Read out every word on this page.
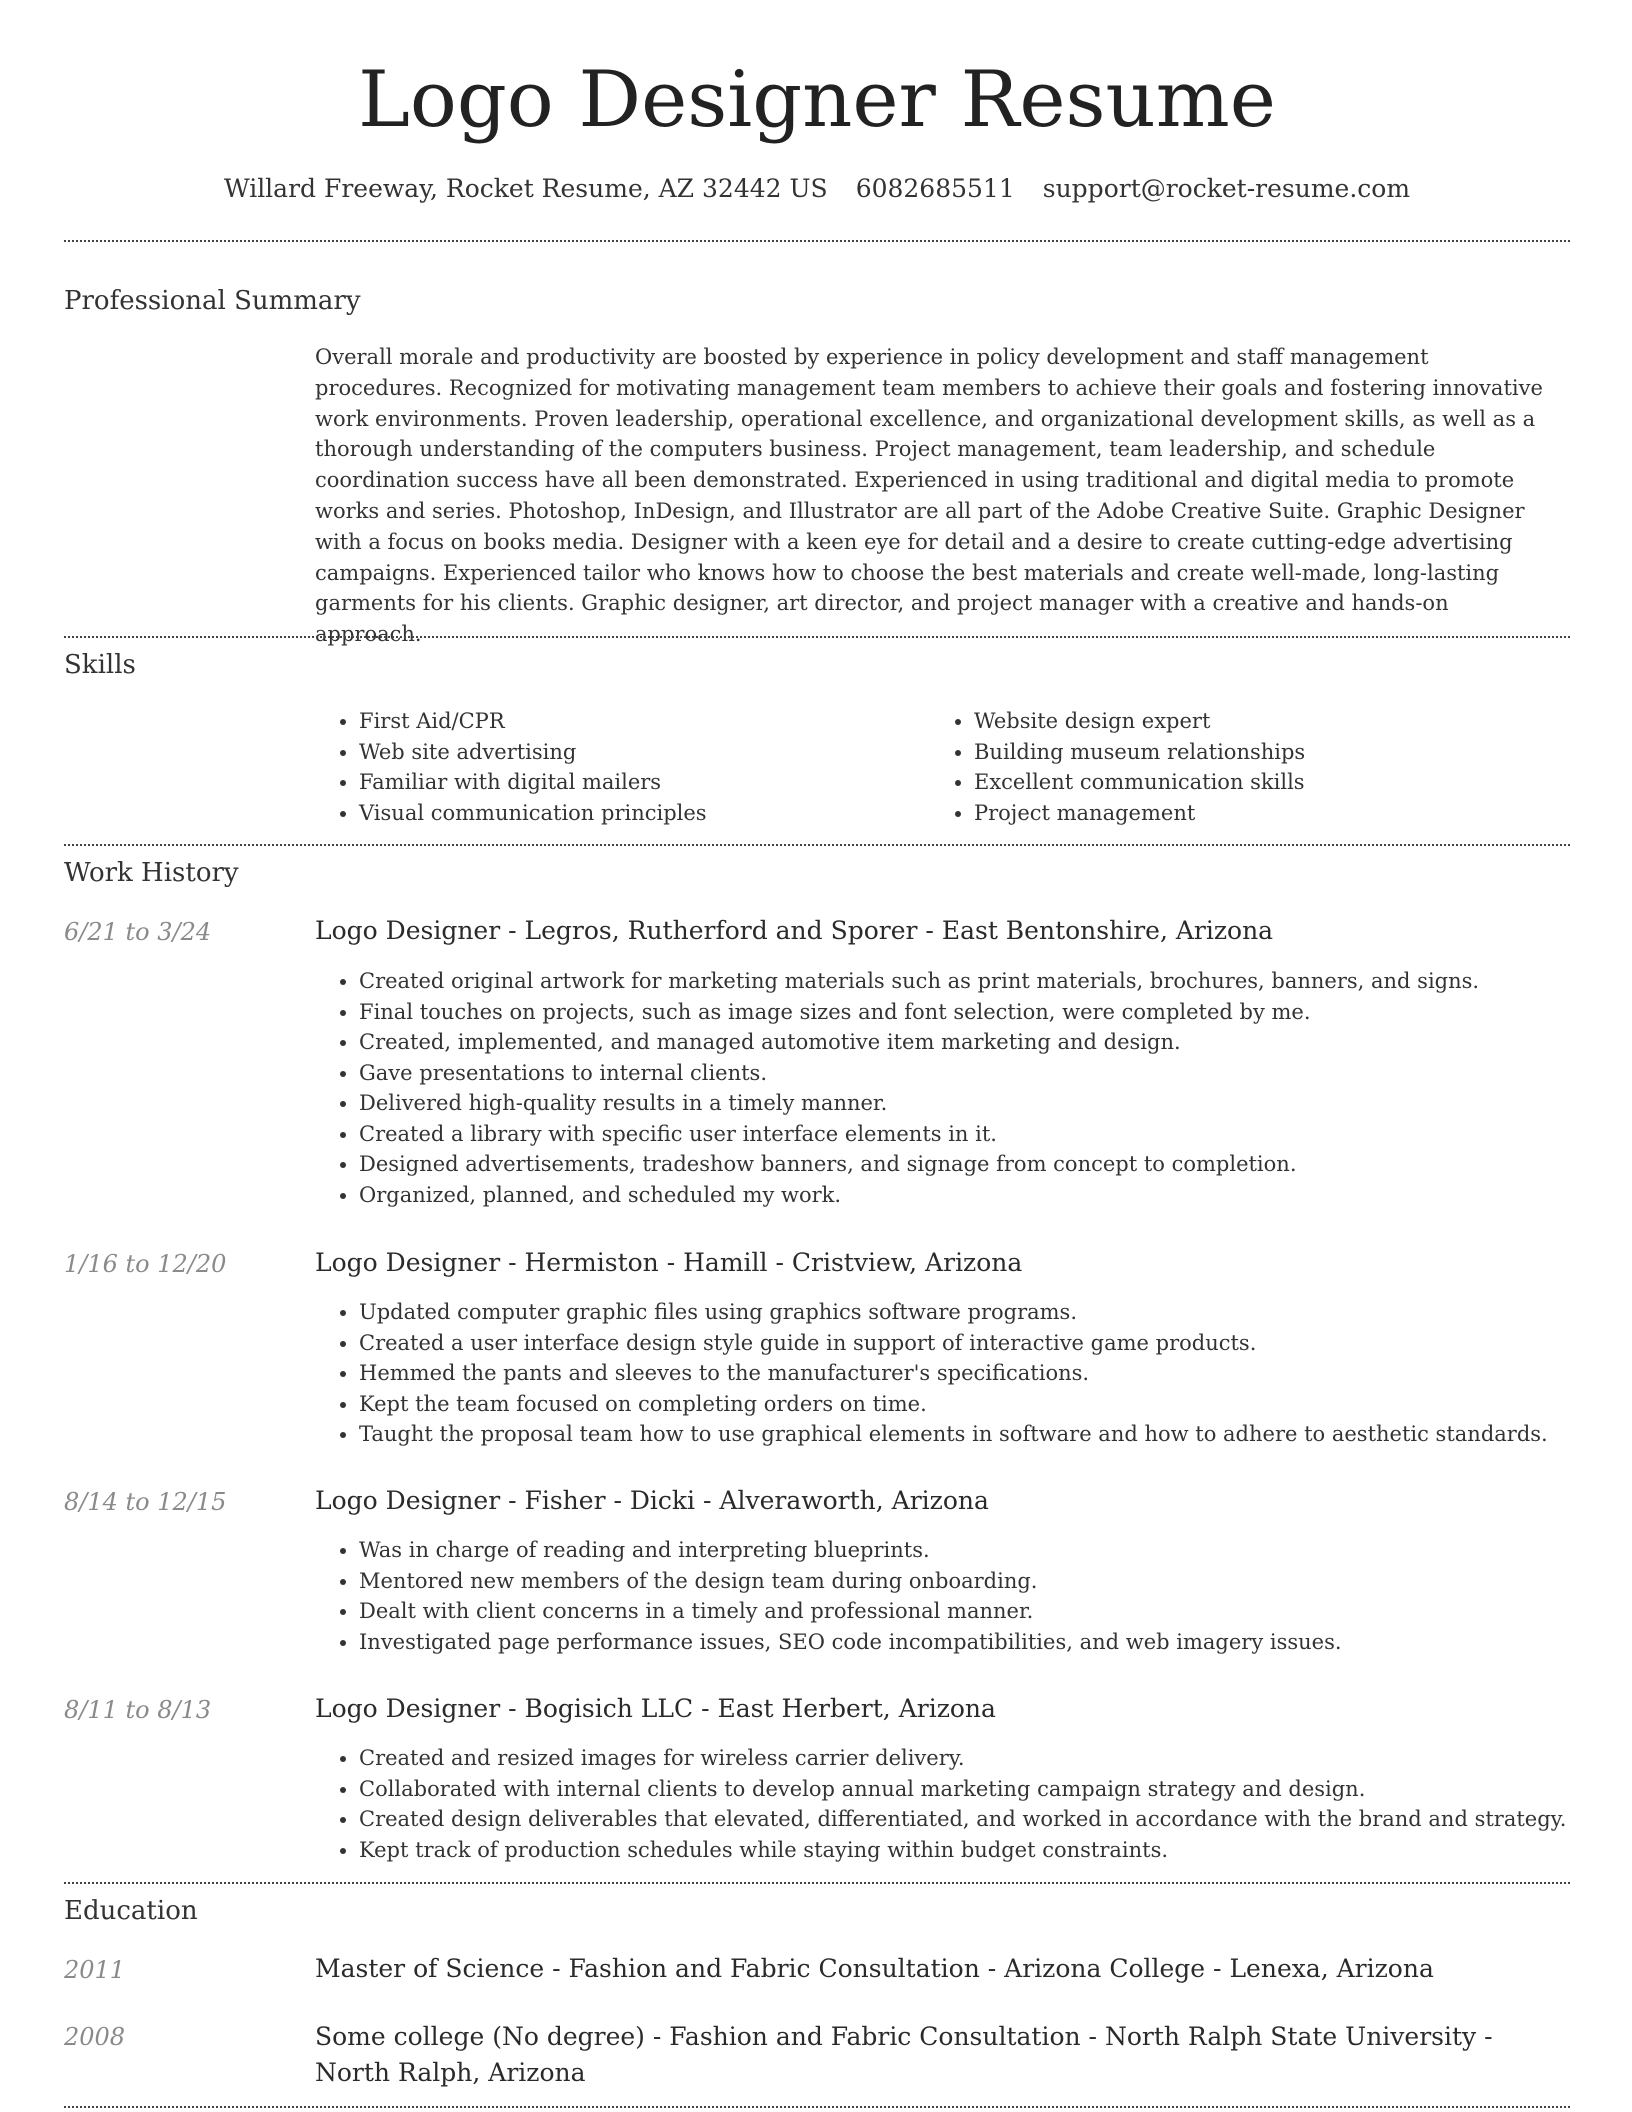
Logo Designer Resume
Willard Freeway, Rocket Resume, AZ 32442 US 6082685511 support@rocket-resume.com
Professional Summary

Overall morale and productivity are boosted by experience in policy development and staff management procedures. Recognized for motivating management team members to achieve their goals and fostering innovative work environments. Proven leadership, operational excellence, and organizational development skills, as well as a thorough understanding of the computers business. Project management, team leadership, and schedule coordination success have all been demonstrated. Experienced in using traditional and digital media to promote works and series. Photoshop, InDesign, and Illustrator are all part of the Adobe Creative Suite. Graphic Designer with a focus on books media. Designer with a keen eye for detail and a desire to create cutting-edge advertising campaigns. Experienced tailor who knows how to choose the best materials and create well-made, long-lasting garments for his clients. Graphic designer, art director, and project manager with a creative and hands-on approach.

Skills
• First Aid/CPR
• Web site advertising
• Familiar with digital mailers
• Visual communication principles
• Website design expert
• Building museum relationships
• Excellent communication skills
• Project management
Work History
6/21 to 3/24	Logo Designer - Legros, Rutherford and Sporer - East Bentonshire, Arizona
• Created original artwork for marketing materials such as print materials, brochures, banners, and signs.
• Final touches on projects, such as image sizes and font selection, were completed by me.
• Created, implemented, and managed automotive item marketing and design.
• Gave presentations to internal clients.
• Delivered high-quality results in a timely manner.
• Created a library with specific user interface elements in it.
• Designed advertisements, tradeshow banners, and signage from concept to completion.
• Organized, planned, and scheduled my work.
1/16 to 12/20	Logo Designer - Hermiston - Hamill - Cristview, Arizona
• Updated computer graphic files using graphics software programs.
• Created a user interface design style guide in support of interactive game products.
• Hemmed the pants and sleeves to the manufacturer's specifications.
• Kept the team focused on completing orders on time.
• Taught the proposal team how to use graphical elements in software and how to adhere to aesthetic standards.
8/14 to 12/15	Logo Designer - Fisher - Dicki - Alveraworth, Arizona
• Was in charge of reading and interpreting blueprints.
• Mentored new members of the design team during onboarding.
• Dealt with client concerns in a timely and professional manner.
• Investigated page performance issues, SEO code incompatibilities, and web imagery issues.
8/11 to 8/13	Logo Designer - Bogisich LLC - East Herbert, Arizona
• Created and resized images for wireless carrier delivery.
• Collaborated with internal clients to develop annual marketing campaign strategy and design.
• Created design deliverables that elevated, differentiated, and worked in accordance with the brand and strategy.
• Kept track of production schedules while staying within budget constraints.
Education
2011	Master of Science - Fashion and Fabric Consultation - Arizona College - Lenexa, Arizona
2008	Some college (No degree) - Fashion and Fabric Consultation - North Ralph State University - North Ralph, Arizona
